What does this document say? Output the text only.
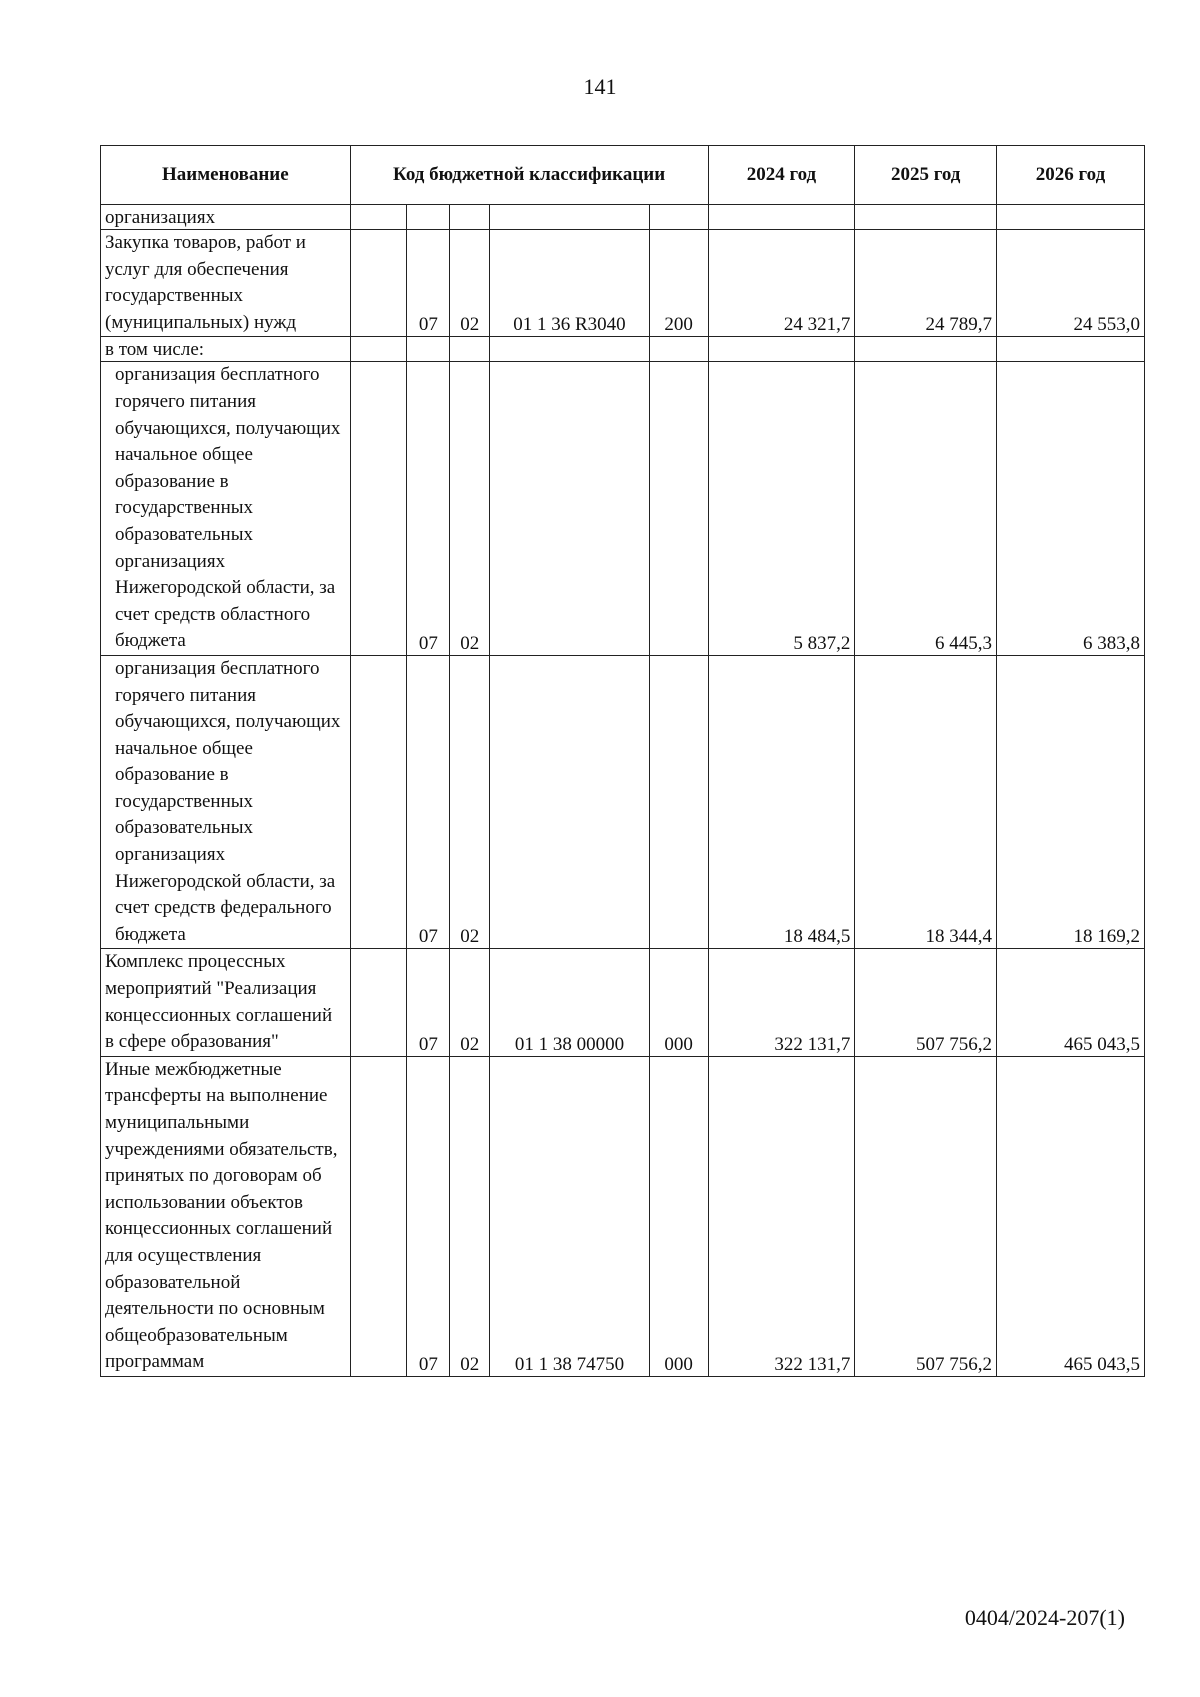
141
Наименование	Код бюджетной классификации					2024 год	2025 год	2026 год
организациях								
Закупка товаров, работ и услуг для обеспечения государственных (муниципальных) нужд		07	02	01 1 36 R3040	200	24 321,7	24 789,7	24 553,0
в том числе:								
организация бесплатного горячего питания обучающихся, получающих начальное общее образование в государственных образовательных организациях Нижегородской области, за счет средств областного бюджета		07	02			5 837,2	6 445,3	6 383,8
организация бесплатного горячего питания обучающихся, получающих начальное общее образование в государственных образовательных организациях Нижегородской области, за счет средств федерального бюджета		07	02			18 484,5	18 344,4	18 169,2
Комплекс процессных мероприятий "Реализация концессионных соглашений в сфере образования"		07	02	01 1 38 00000	000	322 131,7	507 756,2	465 043,5
Иные межбюджетные трансферты на выполнение муниципальными учреждениями обязательств, принятых по договорам об использовании объектов концессионных соглашений для осуществления образовательной деятельности по основным общеобразовательным программам		07	02	01 1 38 74750	000	322 131,7	507 756,2	465 043,5
0404/2024-207(1)
